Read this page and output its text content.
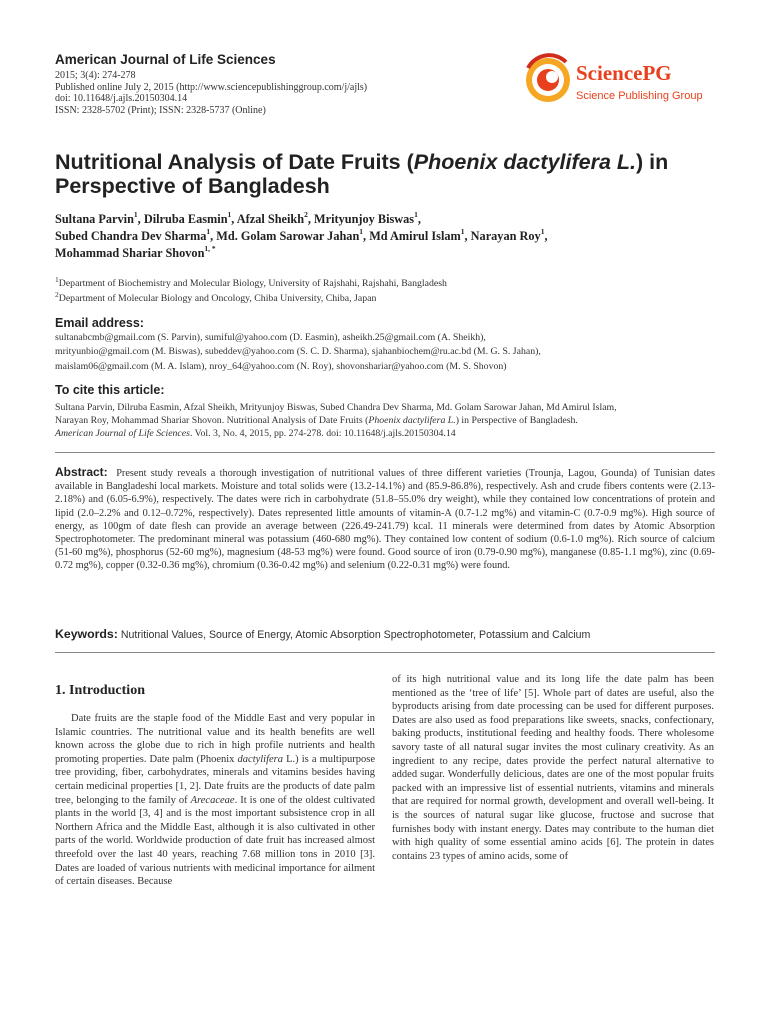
American Journal of Life Sciences
2015; 3(4): 274-278
Published online July 2, 2015 (http://www.sciencepublishinggroup.com/j/ajls)
doi: 10.11648/j.ajls.20150304.14
ISSN: 2328-5702 (Print); ISSN: 2328-5737 (Online)
SciencePG
Science Publishing Group
Nutritional Analysis of Date Fruits (Phoenix dactylifera L.) in Perspective of Bangladesh
Sultana Parvin$^1$, Dilruba Easmin$^1$, Afzal Sheikh$^2$, Mrityunjoy Biswas$^1$,
Subed Chandra Dev Sharma$^1$, Md. Golam Sarowar Jahan$^1$, Md Amirul Islam$^1$, Narayan Roy$^1$,
Mohammad Shariar Shovon$^{1, *}$
$^1$Department of Biochemistry and Molecular Biology, University of Rajshahi, Rajshahi, Bangladesh
$^2$Department of Molecular Biology and Oncology, Chiba University, Chiba, Japan
Email address:
sultanabcmb@gmail.com (S. Parvin), sumiful@yahoo.com (D. Easmin), asheikh.25@gmail.com (A. Sheikh),
mrityunbio@gmail.com (M. Biswas), subeddev@yahoo.com (S. C. D. Sharma), sjahanbiochem@ru.ac.bd (M. G. S. Jahan),
maislam06@gmail.com (M. A. Islam), nroy_64@yahoo.com (N. Roy), shovonshariar@yahoo.com (M. S. Shovon)
To cite this article:
Sultana Parvin, Dilruba Easmin, Afzal Sheikh, Mrityunjoy Biswas, Subed Chandra Dev Sharma, Md. Golam Sarowar Jahan, Md Amirul Islam,
Narayan Roy, Mohammad Shariar Shovon. Nutritional Analysis of Date Fruits (Phoenix dactylifera L.) in Perspective of Bangladesh.
American Journal of Life Sciences. Vol. 3, No. 4, 2015, pp. 274-278. doi: 10.11648/j.ajls.20150304.14
Abstract: Present study reveals a thorough investigation of nutritional values of three different varieties (Trounja, Lagou, Gounda) of Tunisian dates available in Bangladeshi local markets. Moisture and total solids were (13.2-14.1%) and (85.9-86.8%), respectively. Ash and crude fibers contents were (2.13-2.18%) and (6.05-6.9%), respectively. The dates were rich in carbohydrate (51.8–55.0% dry weight), while they contained low concentrations of protein and lipid (2.0–2.2% and 0.12–0.72%, respectively). Dates represented little amounts of vitamin-A (0.7-1.2 mg%) and vitamin-C (0.7-0.9 mg%). High source of energy, as 100gm of date flesh can provide an average between (226.49-241.79) kcal. 11 minerals were determined from dates by Atomic Absorption Spectrophotometer. The predominant mineral was potassium (460-680 mg%). They contained low content of sodium (0.6-1.0 mg%). Rich source of calcium (51-60 mg%), phosphorus (52-60 mg%), magnesium (48-53 mg%) were found. Good source of iron (0.79-0.90 mg%), manganese (0.85-1.1 mg%), zinc (0.69-0.72 mg%), copper (0.32-0.36 mg%), chromium (0.36-0.42 mg%) and selenium (0.22-0.31 mg%) were found.
Keywords: Nutritional Values, Source of Energy, Atomic Absorption Spectrophotometer, Potassium and Calcium
1. Introduction
Date fruits are the staple food of the Middle East and very popular in Islamic countries. The nutritional value and its health benefits are well known across the globe due to rich in high profile nutrients and health promoting properties. Date palm (Phoenix dactylifera L.) is a multipurpose tree providing, fiber, carbohydrates, minerals and vitamins besides having certain medicinal properties [1, 2]. Date fruits are the products of date palm tree, belonging to the family of Arecaceae. It is one of the oldest cultivated plants in the world [3, 4] and is the most important subsistence crop in all Northern Africa and the Middle East, although it is also cultivated in other parts of the world. Worldwide production of date fruit has increased almost threefold over the last 40 years, reaching 7.68 million tons in 2010 [3]. Dates are loaded of various nutrients with medicinal importance for ailment of certain diseases. Because
of its high nutritional value and its long life the date palm has been mentioned as the ‘tree of life’ [5]. Whole part of dates are useful, also the byproducts arising from date processing can be used for different purposes. Dates are also used as food preparations like sweets, snacks, confectionary, baking products, institutional feeding and healthy foods. There wholesome savory taste of all natural sugar invites the most culinary creativity. As an ingredient to any recipe, dates provide the perfect natural alternative to added sugar. Wonderfully delicious, dates are one of the most popular fruits packed with an impressive list of essential nutrients, vitamins and minerals that are required for normal growth, development and overall well-being. It is the sources of natural sugar like glucose, fructose and sucrose that furnishes body with instant energy. Dates may contribute to the human diet with high quality of some essential amino acids [6]. The protein in dates contains 23 types of amino acids, some of
